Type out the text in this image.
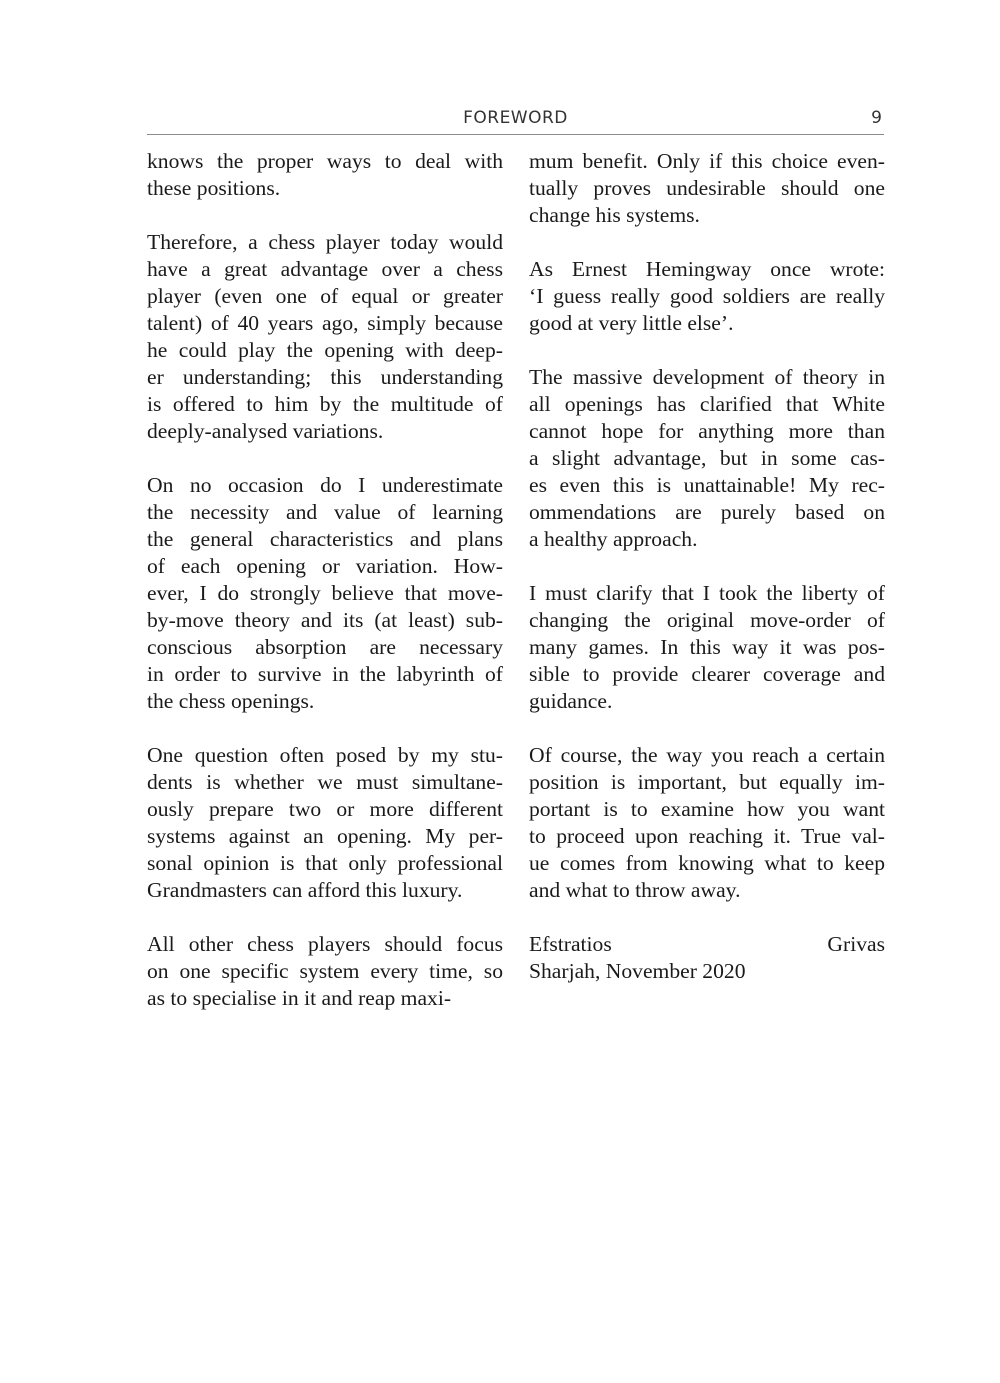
FOREWORD	9
knows the proper ways to deal with
these positions.
Therefore, a chess player today would
have a great advantage over a chess
player (even one of equal or greater
talent) of 40 years ago, simply because
he could play the opening with deep-
er understanding; this understanding
is offered to him by the multitude of
deeply-analysed variations.
On no occasion do I underestimate
the necessity and value of learning
the general characteristics and plans
of each opening or variation. How-
ever, I do strongly believe that move-
by-move theory and its (at least) sub-
conscious absorption are necessary
in order to survive in the labyrinth of
the chess openings.
One question often posed by my stu-
dents is whether we must simultane-
ously prepare two or more different
systems against an opening. My per-
sonal opinion is that only professional
Grandmasters can afford this luxury.
All other chess players should focus
on one specific system every time, so
as to specialise in it and reap maxi-
mum benefit. Only if this choice even-
tually proves undesirable should one
change his systems.
As Ernest Hemingway once wrote:
‘I guess really good soldiers are really
good at very little else’.
The massive development of theory in
all openings has clarified that White
cannot hope for anything more than
a slight advantage, but in some cas-
es even this is unattainable! My rec-
ommendations are purely based on
a healthy approach.
I must clarify that I took the liberty of
changing the original move-order of
many games. In this way it was pos-
sible to provide clearer coverage and
guidance.
Of course, the way you reach a certain
position is important, but equally im-
portant is to examine how you want
to proceed upon reaching it. True val-
ue comes from knowing what to keep
and what to throw away.
Efstratios Grivas
Sharjah, November 2020
